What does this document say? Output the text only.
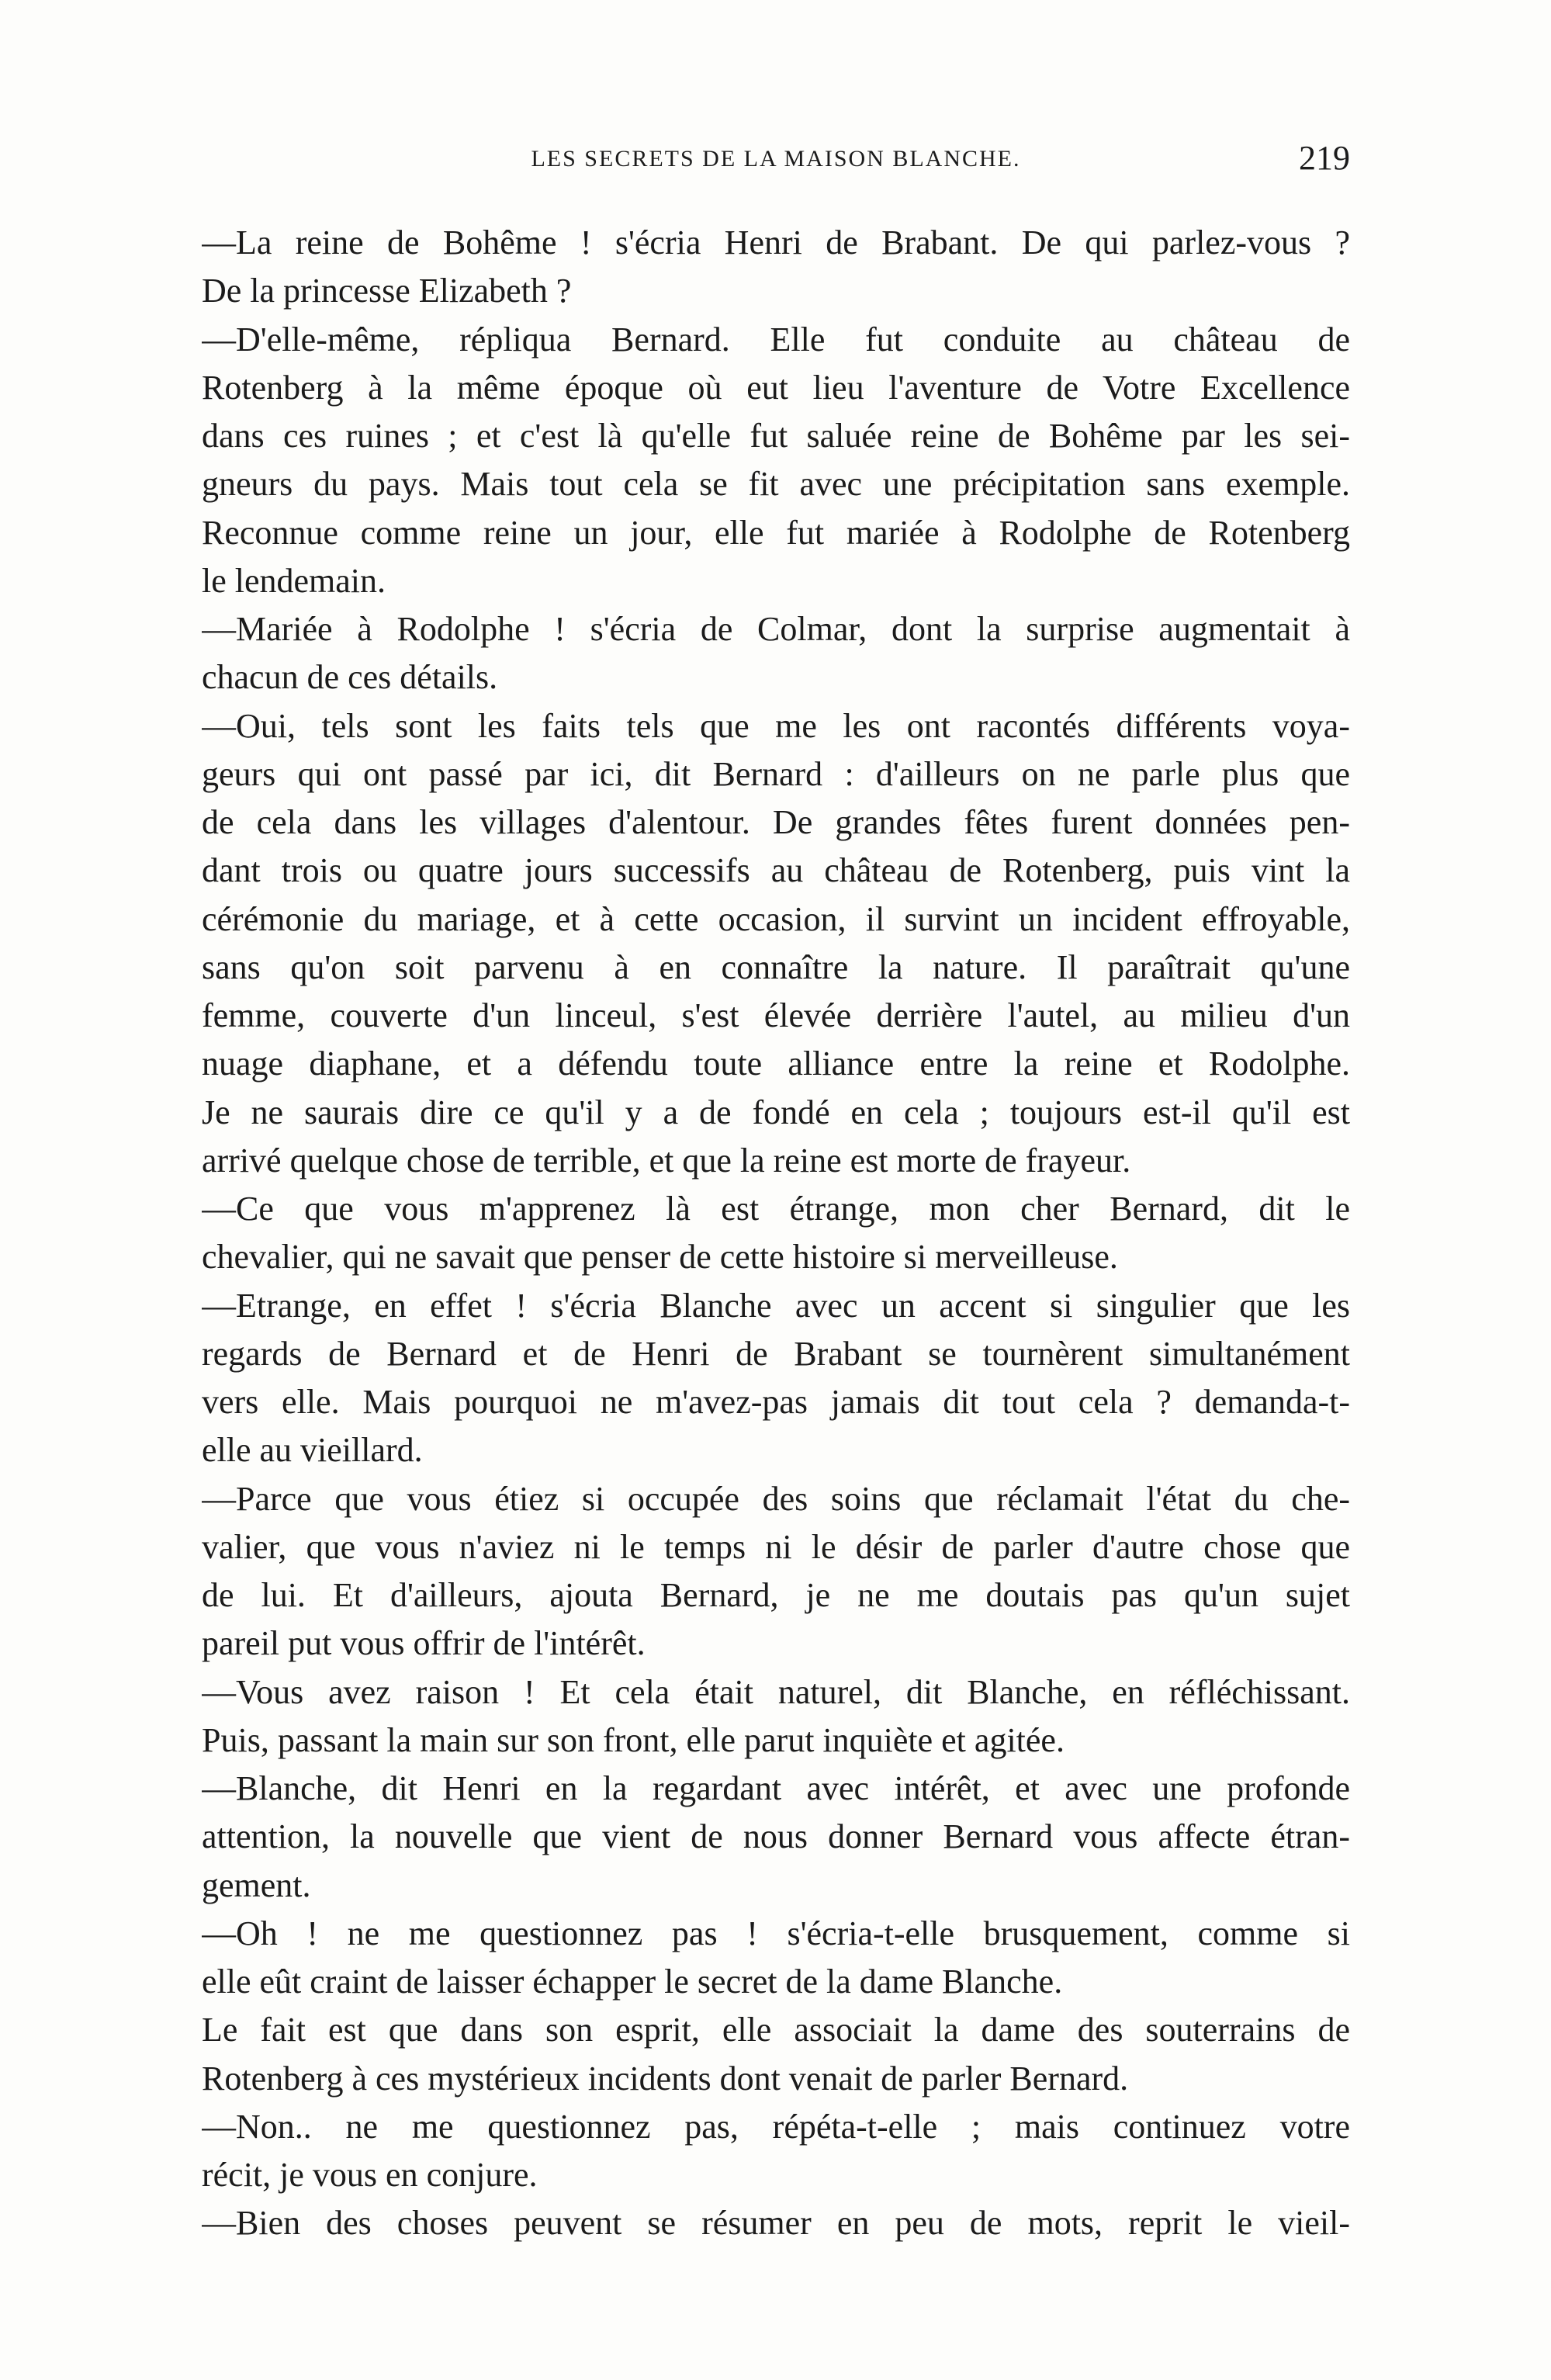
LES SECRETS DE LA MAISON BLANCHE.	219
—La reine de Bohême ! s'écria Henri de Brabant. De qui parlez-vous ?
De la princesse Elizabeth ?
—D'elle-même, répliqua Bernard. Elle fut conduite au château de
Rotenberg à la même époque où eut lieu l'aventure de Votre Excellence
dans ces ruines ; et c'est là qu'elle fut saluée reine de Bohême par les sei-
gneurs du pays. Mais tout cela se fit avec une précipitation sans exemple.
Reconnue comme reine un jour, elle fut mariée à Rodolphe de Rotenberg
le lendemain.
—Mariée à Rodolphe ! s'écria de Colmar, dont la surprise augmentait à
chacun de ces détails.
—Oui, tels sont les faits tels que me les ont racontés différents voya-
geurs qui ont passé par ici, dit Bernard : d'ailleurs on ne parle plus que
de cela dans les villages d'alentour. De grandes fêtes furent données pen-
dant trois ou quatre jours successifs au château de Rotenberg, puis vint la
cérémonie du mariage, et à cette occasion, il survint un incident effroyable,
sans qu'on soit parvenu à en connaître la nature. Il paraîtrait qu'une
femme, couverte d'un linceul, s'est élevée derrière l'autel, au milieu d'un
nuage diaphane, et a défendu toute alliance entre la reine et Rodolphe.
Je ne saurais dire ce qu'il y a de fondé en cela ; toujours est-il qu'il est
arrivé quelque chose de terrible, et que la reine est morte de frayeur.
—Ce que vous m'apprenez là est étrange, mon cher Bernard, dit le
chevalier, qui ne savait que penser de cette histoire si merveilleuse.
—Etrange, en effet ! s'écria Blanche avec un accent si singulier que les
regards de Bernard et de Henri de Brabant se tournèrent simultanément
vers elle. Mais pourquoi ne m'avez-pas jamais dit tout cela ? demanda-t-
elle au vieillard.
—Parce que vous étiez si occupée des soins que réclamait l'état du che-
valier, que vous n'aviez ni le temps ni le désir de parler d'autre chose que
de lui. Et d'ailleurs, ajouta Bernard, je ne me doutais pas qu'un sujet
pareil put vous offrir de l'intérêt.
—Vous avez raison ! Et cela était naturel, dit Blanche, en réfléchissant.
Puis, passant la main sur son front, elle parut inquiète et agitée.
—Blanche, dit Henri en la regardant avec intérêt, et avec une profonde
attention, la nouvelle que vient de nous donner Bernard vous affecte étran-
gement.
—Oh ! ne me questionnez pas ! s'écria-t-elle brusquement, comme si
elle eût craint de laisser échapper le secret de la dame Blanche.
Le fait est que dans son esprit, elle associait la dame des souterrains de
Rotenberg à ces mystérieux incidents dont venait de parler Bernard.
—Non.. ne me questionnez pas, répéta-t-elle ; mais continuez votre
récit, je vous en conjure.
—Bien des choses peuvent se résumer en peu de mots, reprit le vieil-
